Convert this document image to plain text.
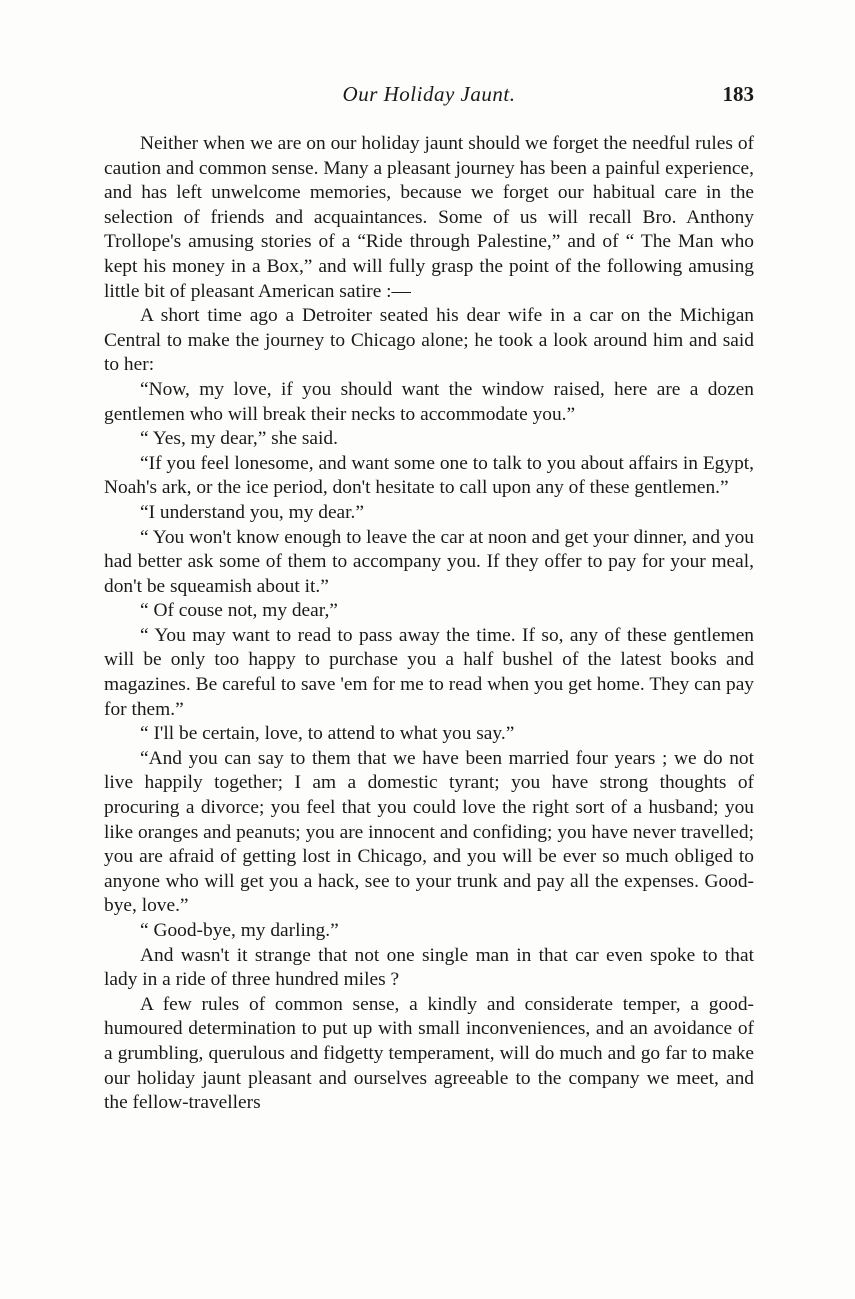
Our Holiday Jaunt.	183

Neither when we are on our holiday jaunt should we forget the needful rules of caution and common sense. Many a pleasant journey has been a painful experience, and has left unwelcome memories, because we forget our habitual care in the selection of friends and acquaintances. Some of us will recall Bro. Anthony Trollope's amusing stories of a “Ride through Palestine,” and of “ The Man who kept his money in a Box,” and will fully grasp the point of the following amusing little bit of pleasant American satire :—

A short time ago a Detroiter seated his dear wife in a car on the Michigan Central to make the journey to Chicago alone; he took a look around him and said to her:

“Now, my love, if you should want the window raised, here are a dozen gentlemen who will break their necks to accommodate you.”

“ Yes, my dear,” she said.

“If you feel lonesome, and want some one to talk to you about affairs in Egypt, Noah's ark, or the ice period, don't hesitate to call upon any of these gentlemen.”

“I understand you, my dear.”

“ You won't know enough to leave the car at noon and get your dinner, and you had better ask some of them to accompany you. If they offer to pay for your meal, don't be squeamish about it.”

“ Of couse not, my dear,”

“ You may want to read to pass away the time. If so, any of these gentlemen will be only too happy to purchase you a half bushel of the latest books and magazines. Be careful to save 'em for me to read when you get home. They can pay for them.”

“ I'll be certain, love, to attend to what you say.”

“And you can say to them that we have been married four years ; we do not live happily together; I am a domestic tyrant; you have strong thoughts of procuring a divorce; you feel that you could love the right sort of a husband; you like oranges and peanuts; you are innocent and confiding; you have never travelled; you are afraid of getting lost in Chicago, and you will be ever so much obliged to anyone who will get you a hack, see to your trunk and pay all the expenses. Good-bye, love.”

“ Good-bye, my darling.”

And wasn't it strange that not one single man in that car even spoke to that lady in a ride of three hundred miles ?

A few rules of common sense, a kindly and considerate temper, a good-humoured determination to put up with small inconveniences, and an avoidance of a grumbling, querulous and fidgetty temperament, will do much and go far to make our holiday jaunt pleasant and ourselves agreeable to the company we meet, and the fellow-travellers
